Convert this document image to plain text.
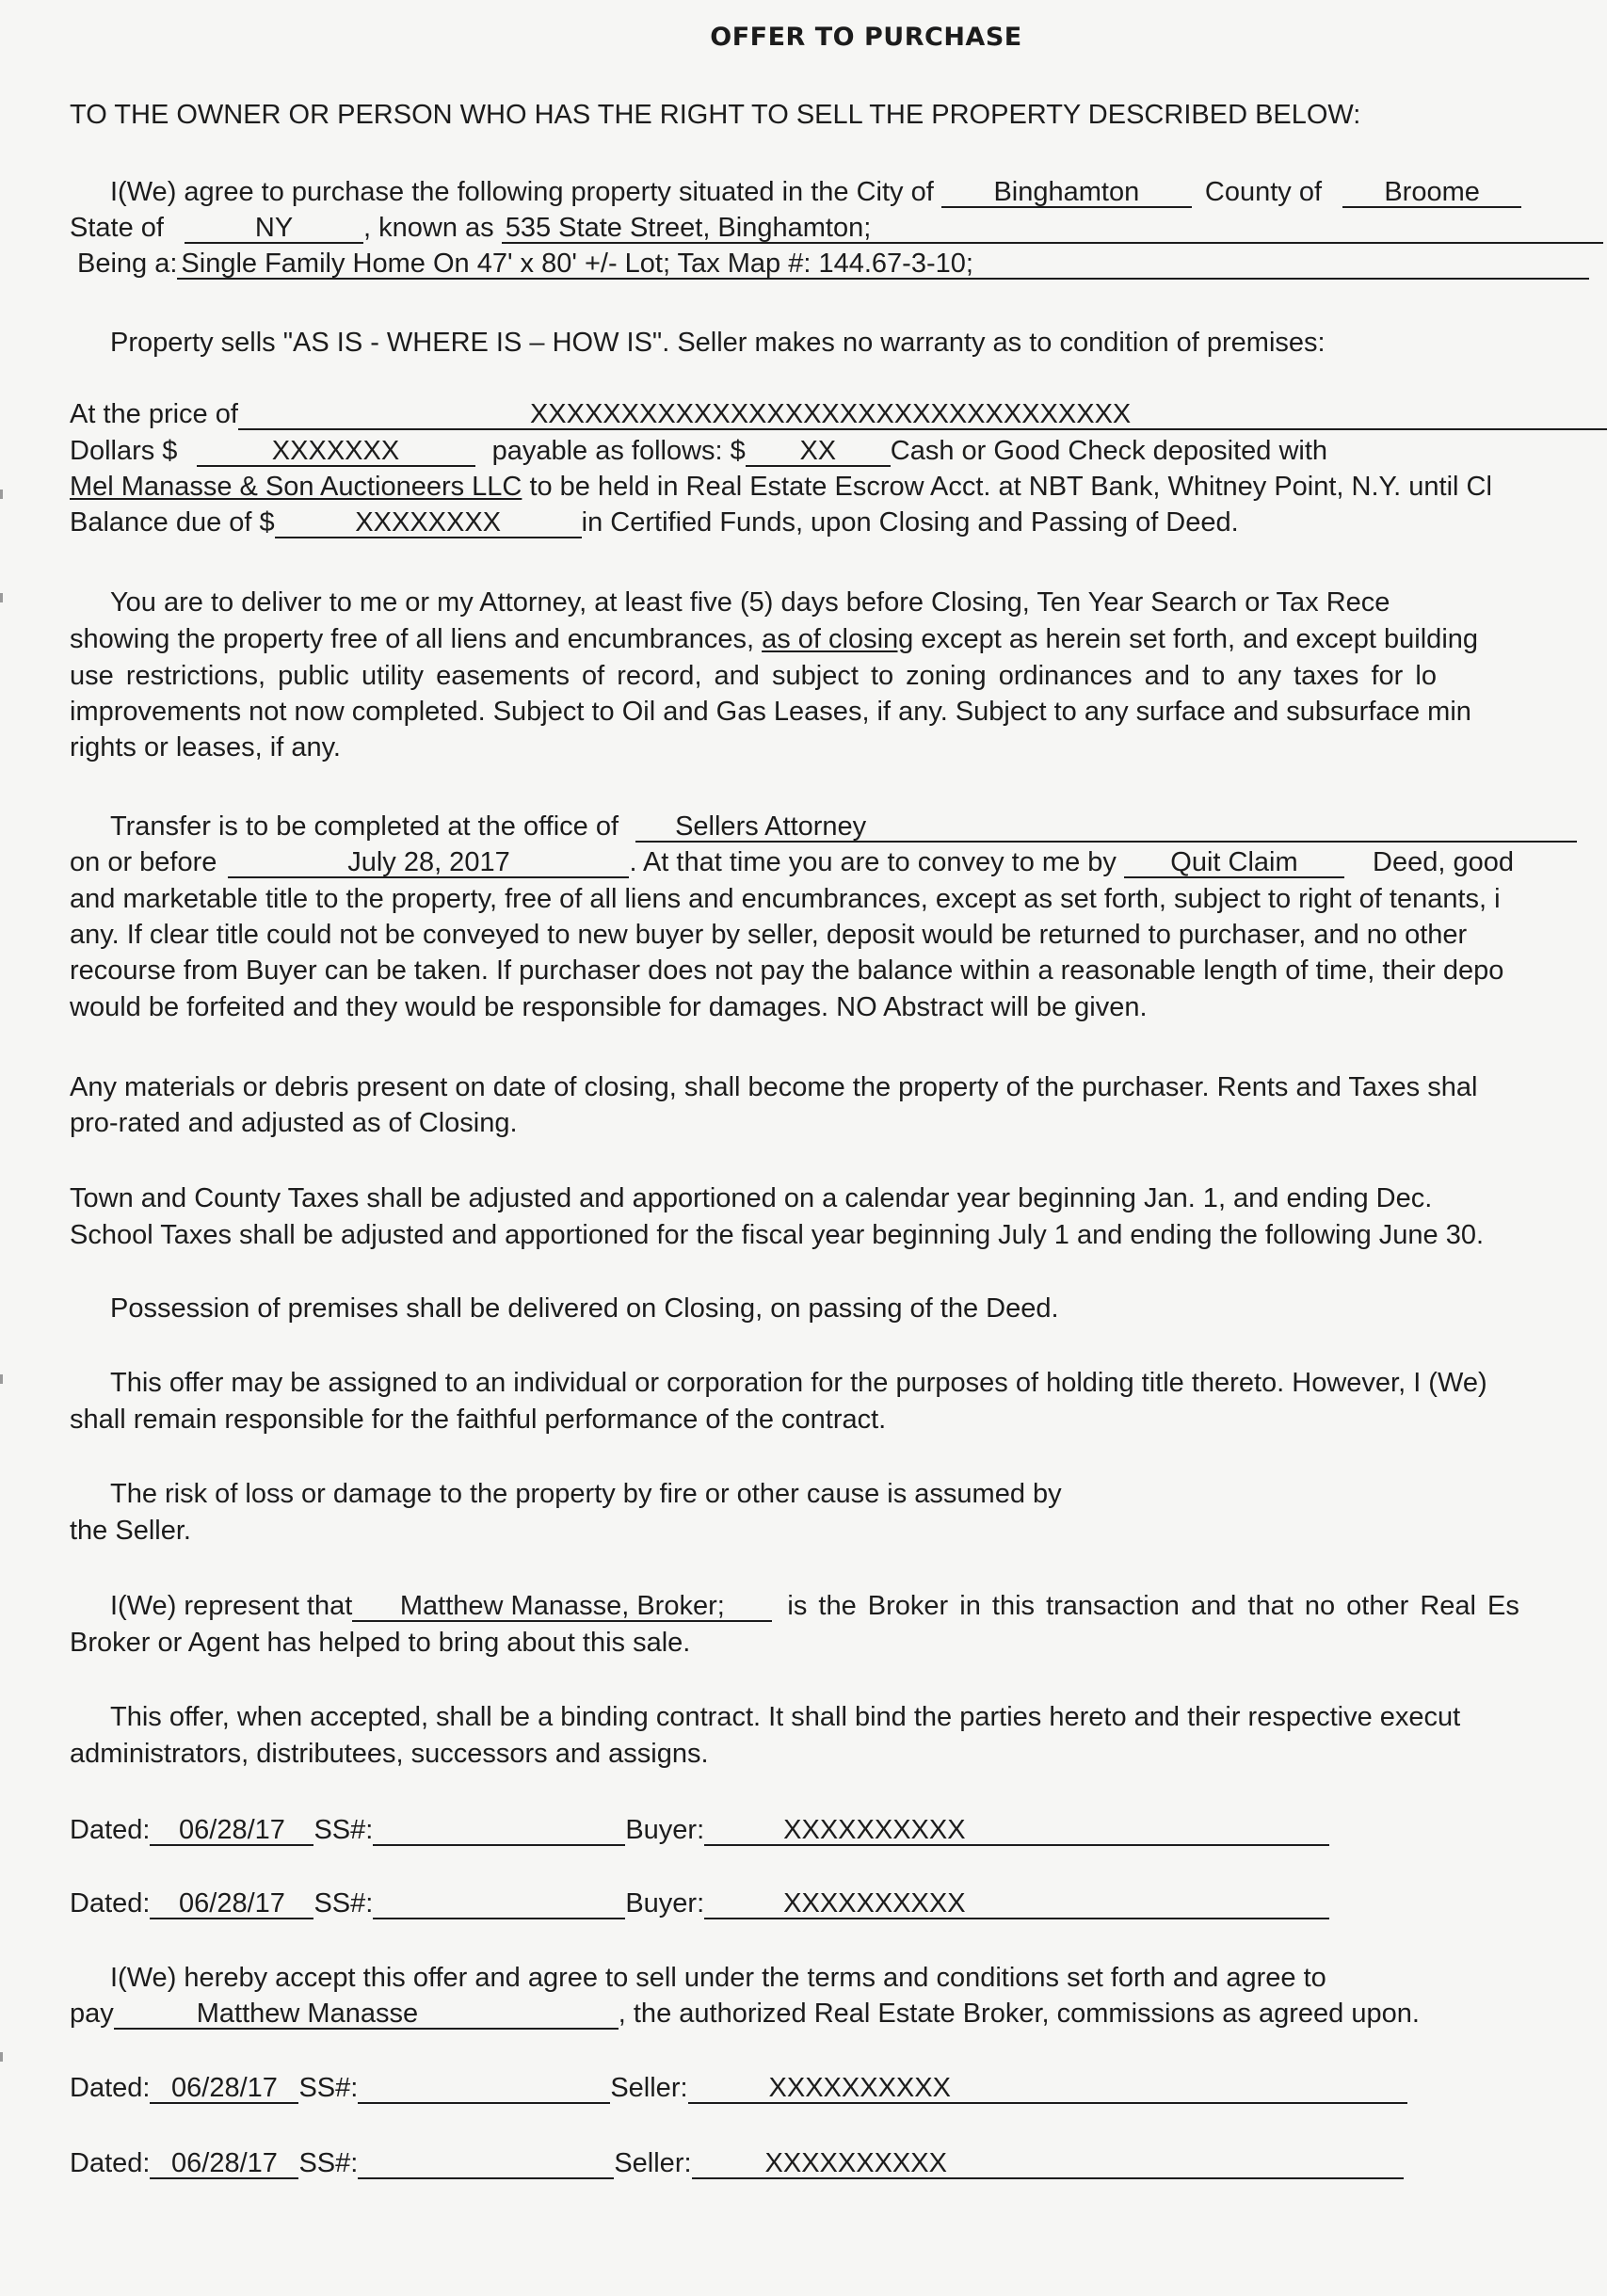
OFFER TO PURCHASE
TO THE OWNER OR PERSON WHO HAS THE RIGHT TO SELL THE PROPERTY DESCRIBED BELOW:
I(We) agree to purchase the following property situated in the City of Binghamton County of Broome
State of	NY	, known as 535 State Street, Binghamton;
Being a: Single Family Home On 47' x 80' +/- Lot; Tax Map #: 144.67-3-10;
Property sells "AS IS - WHERE IS – HOW IS". Seller makes no warranty as to condition of premises:
At the price of	XXXXXXXXXXXXXXXXXXXXXXXXXXXXXXXXX
Dollars $	XXXXXXX	payable as follows: $ XX Cash or Good Check deposited with
Mel Manasse & Son Auctioneers LLC to be held in Real Estate Escrow Acct. at NBT Bank, Whitney Point, N.Y. until Cl
Balance due of $	XXXXXXXX	in Certified Funds, upon Closing and Passing of Deed.
You are to deliver to me or my Attorney, at least five (5) days before Closing, Ten Year Search or Tax Rece
showing the property free of all liens and encumbrances, as of closing except as herein set forth, and except building
use restrictions, public utility easements of record, and subject to zoning ordinances and to any taxes for lo
improvements not now completed. Subject to Oil and Gas Leases, if any. Subject to any surface and subsurface min
rights or leases, if any.
Transfer is to be completed at the office of Sellers Attorney
on or before	July 28, 2017	. At that time you are to convey to me by Quit Claim	Deed, good
and marketable title to the property, free of all liens and encumbrances, except as set forth, subject to right of tenants, i
any. If clear title could not be conveyed to new buyer by seller, deposit would be returned to purchaser, and no other
recourse from Buyer can be taken. If purchaser does not pay the balance within a reasonable length of time, their depo
would be forfeited and they would be responsible for damages. NO Abstract will be given.
Any materials or debris present on date of closing, shall become the property of the purchaser. Rents and Taxes shal
pro-rated and adjusted as of Closing.
Town and County Taxes shall be adjusted and apportioned on a calendar year beginning Jan. 1, and ending Dec.
School Taxes shall be adjusted and apportioned for the fiscal year beginning July 1 and ending the following June 30.
Possession of premises shall be delivered on Closing, on passing of the Deed.
This offer may be assigned to an individual or corporation for the purposes of holding title thereto. However, I (We)
shall remain responsible for the faithful performance of the contract.
The risk of loss or damage to the property by fire or other cause is assumed by
the Seller.
I(We) represent that Matthew Manasse, Broker; is the Broker in this transaction and that no other Real Es
Broker or Agent has helped to bring about this sale.
This offer, when accepted, shall be a binding contract. It shall bind the parties hereto and their respective execut
administrators, distributees, successors and assigns.
Dated: 06/28/17 SS#:	Buyer:	XXXXXXXXXX
Dated: 06/28/17 SS#:	Buyer:	XXXXXXXXXX
I(We) hereby accept this offer and agree to sell under the terms and conditions set forth and agree to
pay	Matthew Manasse	, the authorized Real Estate Broker, commissions as agreed upon.
Dated: 06/28/17 SS#:	Seller:	XXXXXXXXXX
Dated: 06/28/17 SS#:	Seller:	XXXXXXXXXX
